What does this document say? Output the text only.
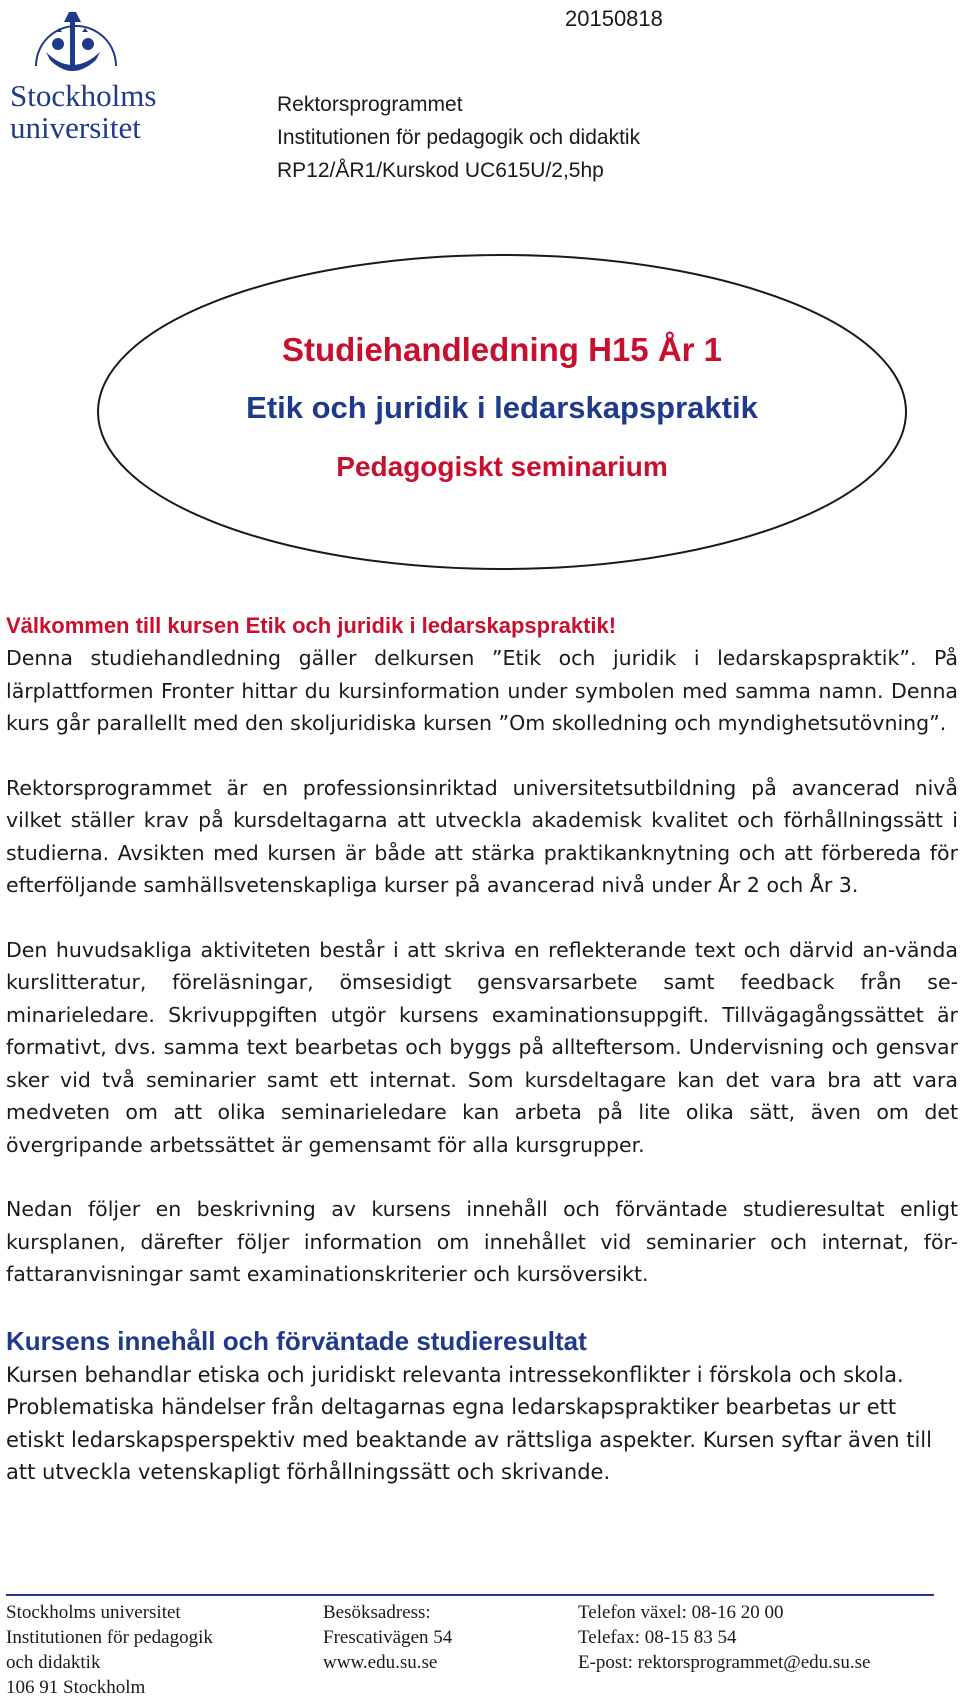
Stockholms
universitet
20150818
Rektorsprogrammet
Institutionen för pedagogik och didaktik
RP12/ÅR1/Kurskod UC615U/2,5hp
Studiehandledning H15 År 1
Etik och juridik i ledarskapspraktik
Pedagogiskt seminarium

Välkommen till kursen Etik och juridik i ledarskapspraktik!

Denna studiehandledning gäller delkursen ”Etik och juridik i ledarskapspraktik”. På lärplattformen Fronter hittar du kursinformation under symbolen med samma namn. Denna kurs går parallellt med den skoljuridiska kursen ”Om skolledning och myndighetsutövning”.

Rektorsprogrammet är en professionsinriktad universitetsutbildning på avancerad nivå vilket ställer krav på kursdeltagarna att utveckla akademisk kvalitet och förhållningssätt i studierna. Avsikten med kursen är både att stärka praktikanknytning och att förbereda för efterföljande samhällsvetenskapliga kurser på avancerad nivå under År 2 och År 3.

Den huvudsakliga aktiviteten består i att skriva en reflekterande text och därvid an-vända kurslitteratur, föreläsningar, ömsesidigt gensvarsarbete samt feedback från se-minarieledare. Skrivuppgiften utgör kursens examinationsuppgift. Tillvägagångssättet är formativt, dvs. samma text bearbetas och byggs på allteftersom. Undervisning och gensvar sker vid två seminarier samt ett internat. Som kursdeltagare kan det vara bra att vara medveten om att olika seminarieledare kan arbeta på lite olika sätt, även om det övergripande arbetssättet är gemensamt för alla kursgrupper.

Nedan följer en beskrivning av kursens innehåll och förväntade studieresultat enligt kursplanen, därefter följer information om innehållet vid seminarier och internat, för-fattaranvisningar samt examinationskriterier och kursöversikt.

Kursens innehåll och förväntade studieresultat

Kursen behandlar etiska och juridiskt relevanta intressekonflikter i förskola och skola. Problematiska händelser från deltagarnas egna ledarskapspraktiker bearbetas ur ett etiskt ledarskapsperspektiv med beaktande av rättsliga aspekter. Kursen syftar även till att utveckla vetenskapligt förhållningssätt och skrivande.

Stockholms universitet
Institutionen för pedagogik
och didaktik
106 91 Stockholm
Besöksadress:
Frescativägen 54
www.edu.su.se
Telefon växel: 08-16 20 00
Telefax: 08-15 83 54
E-post: rektorsprogrammet@edu.su.se
